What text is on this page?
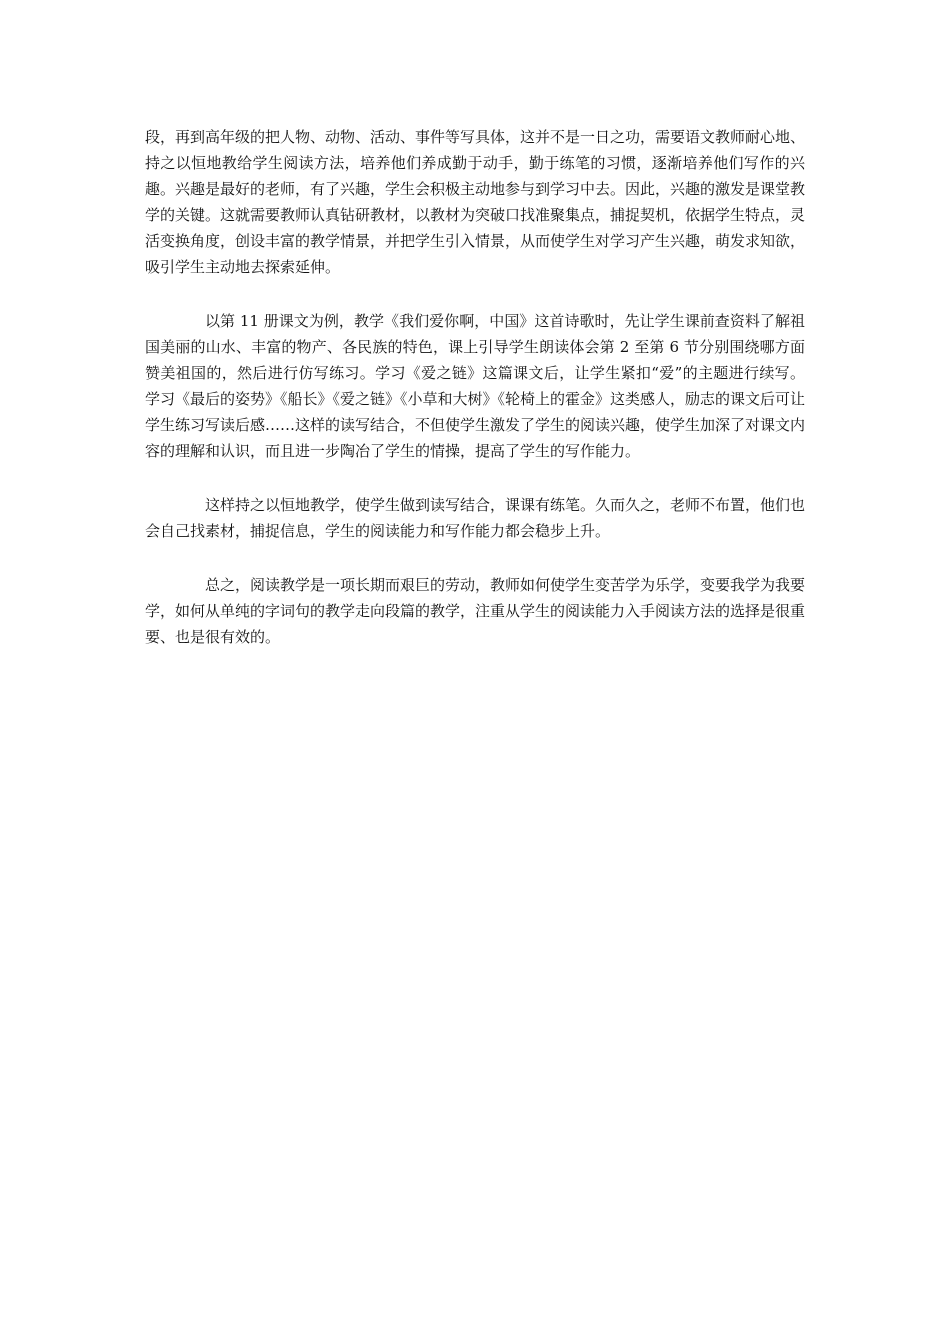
段，再到高年级的把人物、动物、活动、事件等写具体，这并不是一日之功，需要语文教师耐心地、持之以恒地教给学生阅读方法，培养他们养成勤于动手，勤于练笔的习惯，逐渐培养他们写作的兴趣。兴趣是最好的老师，有了兴趣，学生会积极主动地参与到学习中去。因此，兴趣的激发是课堂教学的关键。这就需要教师认真钻研教材，以教材为突破口找准聚集点，捕捉契机，依据学生特点，灵活变换角度，创设丰富的教学情景，并把学生引入情景，从而使学生对学习产生兴趣，萌发求知欲，吸引学生主动地去探索延伸。

以第 11 册课文为例，教学《我们爱你啊，中国》这首诗歌时，先让学生课前查资料了解祖国美丽的山水、丰富的物产、各民族的特色，课上引导学生朗读体会第 2 至第 6 节分别围绕哪方面赞美祖国的，然后进行仿写练习。学习《爱之链》这篇课文后，让学生紧扣“爱”的主题进行续写。学习《最后的姿势》《船长》《爱之链》《小草和大树》《轮椅上的霍金》这类感人，励志的课文后可让学生练习写读后感……这样的读写结合，不但使学生激发了学生的阅读兴趣，使学生加深了对课文内容的理解和认识，而且进一步陶冶了学生的情操，提高了学生的写作能力。

这样持之以恒地教学，使学生做到读写结合，课课有练笔。久而久之，老师不布置，他们也会自己找素材，捕捉信息，学生的阅读能力和写作能力都会稳步上升。

总之，阅读教学是一项长期而艰巨的劳动，教师如何使学生变苦学为乐学，变要我学为我要学，如何从单纯的字词句的教学走向段篇的教学，注重从学生的阅读能力入手阅读方法的选择是很重要、也是很有效的。
